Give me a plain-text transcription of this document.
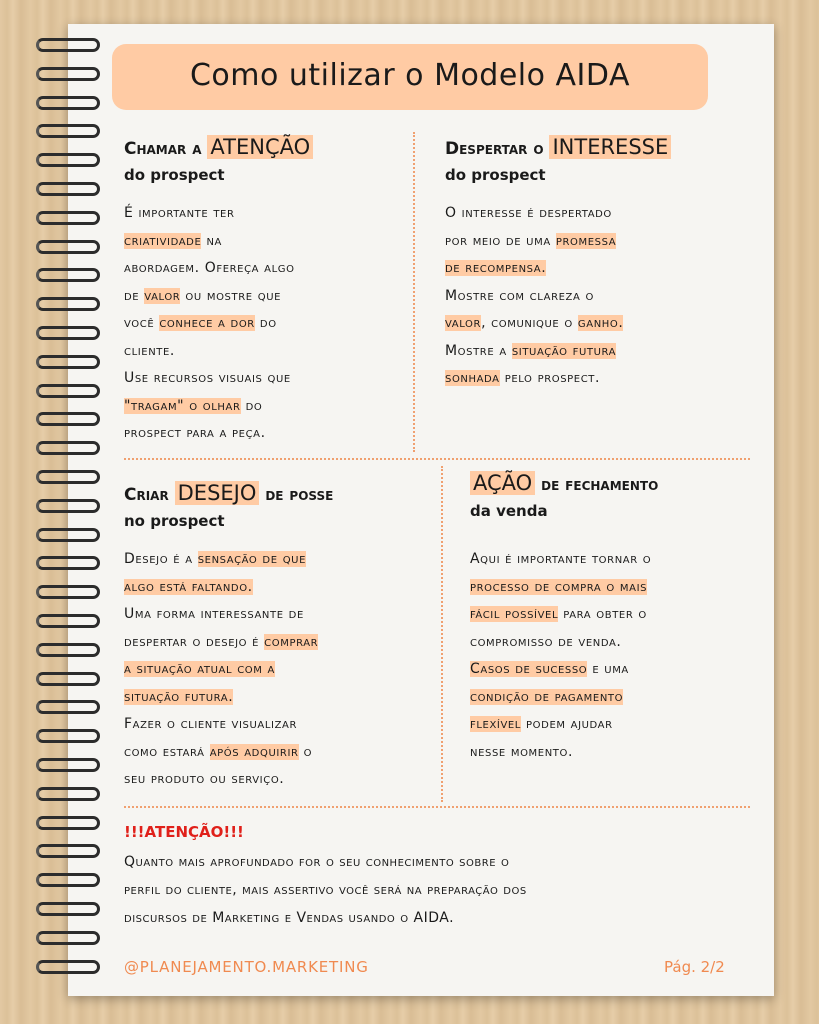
Como utilizar o Modelo AIDA
Chamar a ATENÇÃO
do prospect
É importante ter
criatividade na
abordagem. Ofereça algo
de valor ou mostre que
você conhece a dor do
cliente.
Use recursos visuais que
"tragam" o olhar do
prospect para a peça.
Despertar o INTERESSE
do prospect
O interesse é despertado
por meio de uma promessa
de recompensa.
Mostre com clareza o
valor, comunique o ganho.
Mostre a situação futura
sonhada pelo prospect.
Criar DESEJO de posse
no prospect
Desejo é a sensação de que
algo está faltando.
Uma forma interessante de
despertar o desejo é comprar
a situação atual com a
situação futura.
Fazer o cliente visualizar
como estará após adquirir o
seu produto ou serviço.
AÇÃO de fechamento
da venda
Aqui é importante tornar o
processo de compra o mais
fácil possível para obter o
compromisso de venda.
Casos de sucesso e uma
condição de pagamento
flexível podem ajudar
nesse momento.
!!!ATENÇÃO!!!
Quanto mais aprofundado for o seu conhecimento sobre o
perfil do cliente, mais assertivo você será na preparação dos
discursos de Marketing e Vendas usando o AIDA.
@PLANEJAMENTO.MARKETING	Pág. 2/2
